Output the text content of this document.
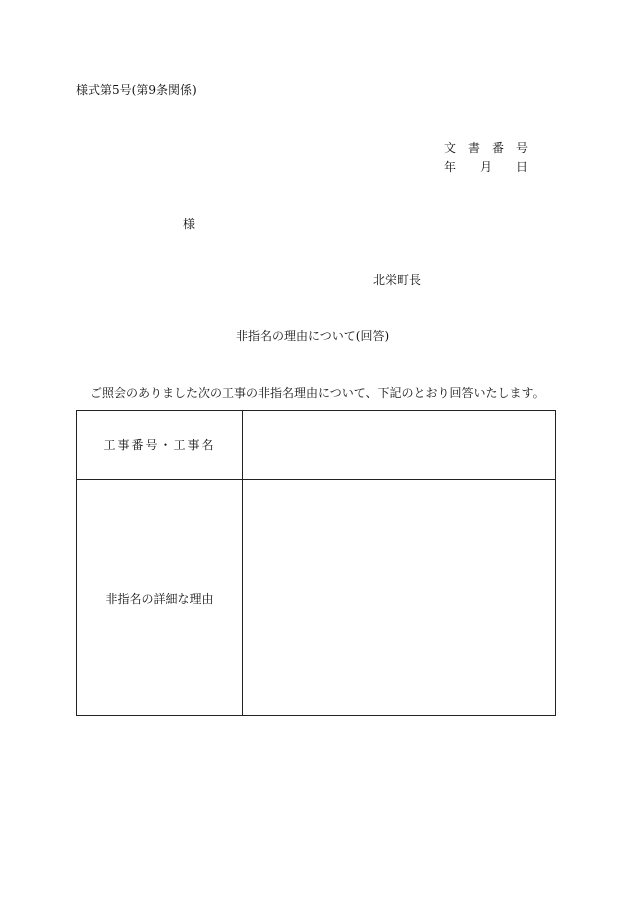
様式第5号(第9条関係)
文 書 番 号
年 月 日
様
北栄町長
非指名の理由について(回答)
ご照会のありました次の工事の非指名理由について、下記のとおり回答いたします。
工事番号・工事名
非指名の詳細な理由
